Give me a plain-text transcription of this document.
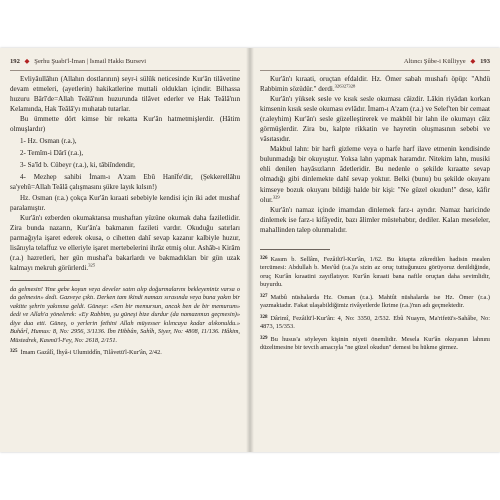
192 ◆ Şerhu Şuabi'l-İman | İsmail Hakkı Bursevi

Evliyâullâhın (Allahın dostlarının) seyr-i sülûk neticesinde Kur'ân tilâvetine devam etmeleri, (ayetlerin) hakikatlerine muttali oldukları içindir. Bilhassa huzuru Bârî'de=Allah Teâlâ'nın huzurunda tilâvet ederler ve Hak Teâlâ'nın Kelamında, Hak Teâlâ'yı muhatab tutarlar.

Bu ümmette dört kimse bir rekatta Kur'ân hatmetmişlerdir. (Hâtim olmuşlardır)

1- Hz. Osman (r.a.),

2- Temîm-i Dârî (r.a.),

3- Sa'îd b. Cübeyr (r.a.), ki, tâbiîndendir,

4- Mezhep sahibi İmam-ı A'zam Ebû Hanîfe'dir, (Şekkerellâhu sa'yehû=Allah Teâlâ çalışmasını şükre layık kılsın!)

Hz. Osman (r.a.) çokça Kur'ân kıraati sebebiyle kendisi için iki adet mushaf paralamıştır.

Kur'ân'ı ezberden okumaktansa mushaftan yüzüne okumak daha faziletlidir. Zira bunda nazarın, Kur'ân'a bakmanın fazileti vardır. Okuduğu satırları parmağıyla işaret ederek okusa, o cihetten dahî sevap kazanır kalbiyle huzur, lisânıyla telaffuz ve elleriyle işaret mertebelerini ihrâz etmiş olur. Ashâb-ı Kirâm (r.a.) hazretleri, her gün mushaf'a bakarlardı ve bakmadıkları bir gün uzak kalmayı mekruh görürlerdi.$^{325}$

da gelmesin! Yine gebe koyun veya develer satın alıp doğurmalarını bekleyeniniz varsa o da gelmesin» dedi. Gazveye çıktı. Derken tam ikindi namazı sırasında veya buna yakın bir vakitte şehrin yakınına geldi. Güneşe: «Sen bir memursun, ancak ben de bir memurum» dedi ve Allah'a yönelerek: «Ey Rabbim, şu güneşi bize durdur (da namazımızı geçmesin)» diye dua etti. Güneş, o yerlerin fethini Allah müyesser kılıncaya kadar alıkonuldu.» Buhârî, Humus: 8, No: 2956, 3/1136. İbn Hibbân, Sahîh, Siyer, No: 4808, 11/136. Hâkim, Müstedrek, Kasmü'l-Fey, No: 2618, 2/151.
$^{325}$ İmam Gazâlî, İhyâ-i Ulumiddîn, Tilâvetü'l-Kur'ân, 2/42.
Altıncı Şûbe-i Külliyye ◆ 193

Kur'ân'ı kıraati, oruçtan efdaldir. Hz. Ömer sabah mushafı öpüp: "Ahdü Rabbimin sözüdür." derdi.$^{326327328}$

Kur'ân'ı yüksek sesle ve kısık sesle okuması câizdir. Lâkin riyâdan korkan kimsenin kısık sesle okuması evlâdır. İmam-ı A'zam (r.a.) ve Selef'ten bir cemaat (r.aleyhim) Kur'ân'ı sesle güzelleştirerek ve makbûl bir lahn ile okumayı câiz görmüşlerdir. Zira bu, kalpte rikkatin ve hayretin oluşmasının sebebi ve vâsıtasıdır.

Makbul lahn: bir harfi gizleme veya o harfe harf ilave etmenin kendisinde bulunmadığı bir okuyuştur. Yoksa lahn yapmak haramdır. Nitekim lahn, musiki ehli denilen hayâsızların âdetleridir. Bu nedenle o şekilde kıraatte sevap olmadığı gibi dinlemekte dahî sevap yoktur. Belki (bunu) bu şekilde okuyanı kimseye bozuk okuyanı bildiği halde bir kişi: "Ne güzel okudun!" dese, kâfir olur.$^{329}$

Kur'ân'ı namaz içinde imamdan dinlemek farz-ı ayndır. Namaz haricinde dinlemek ise farz-ı kifâyedir, bazı âlimler müstehabtır, dediler. Kalan meseleler, mahallinden talep olunmalıdır.

$^{326}$ Kasım b. Sellâm, Fezâilü'l-Kur'ân, 1/62. Bu kitapta zikredilen hadisin mealen tercümesi: Abdullah b. Mes'ûd (r.a.)'a sizin az oruç tuttuğunuzu görüyoruz denildiğinde, oruç Kur'ân kıraatini zayıflatıyor. Kur'ân kıraati bana nafile oruçtan daha sevimlidir, buyurdu.
$^{327}$ Matbû nüshalarda Hz. Osman (r.a.). Mahtût nüshalarda ise Hz. Ömer (r.a.) yazmaktadır. Fakat ulaşabildiğimiz rivâyetlerde İkrime (r.a.)'nın adı geçmektedir.
$^{328}$ Dârimî, Fezâilü'l-Kur'ân: 4, No: 3350, 2/532. Ebû Nuaym, Ma'rifetü's-Sahâbe, No: 4873, 15/353.
$^{329}$ Bu husus'a söyleyen kişinin niyeti önemlidir. Mesela Kur'ân okuyanın lahnını düzeltmesine bir tevcih amacıyla "ne güzel okudun" demesi bu hükme girmez.
